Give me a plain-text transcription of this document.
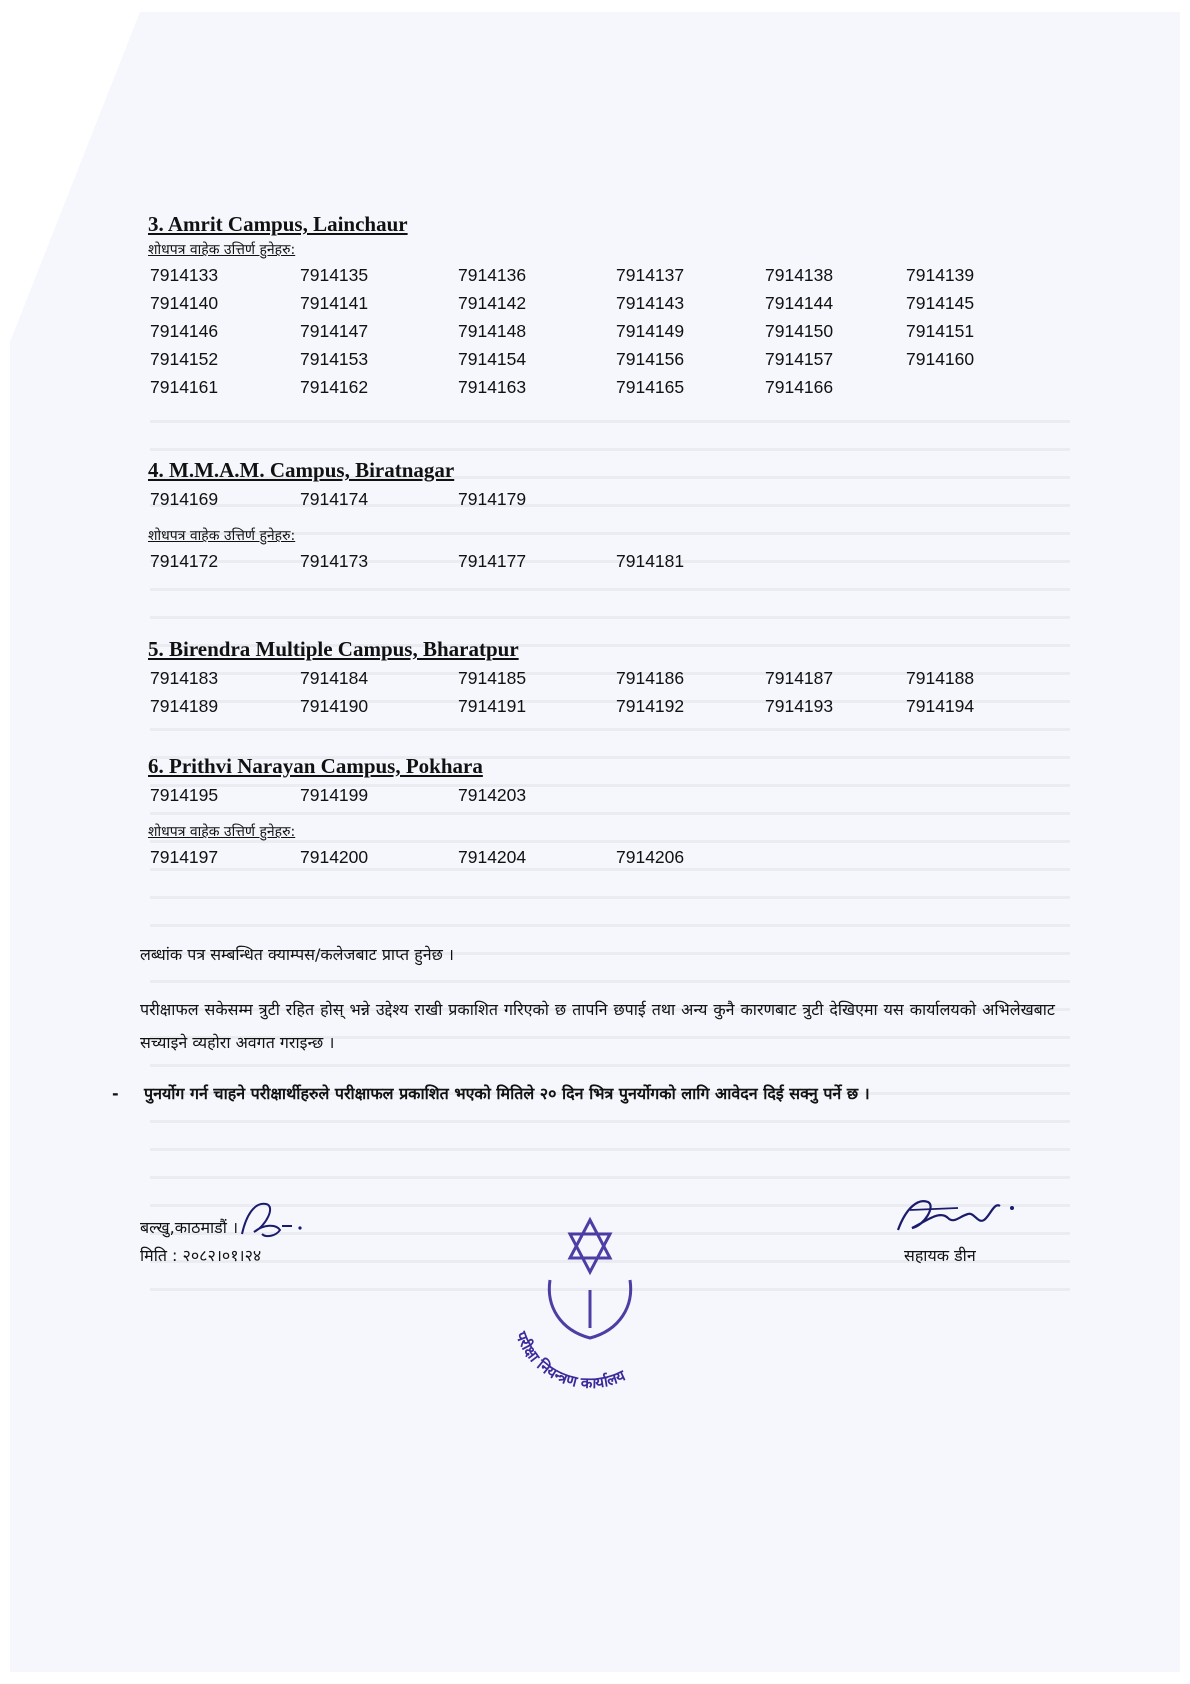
3. Amrit Campus, Lainchaur

शोधपत्र वाहेक उत्तिर्ण हुनेहरु:

7914133	7914135	7914136	7914137	7914138	7914139
7914140	7914141	7914142	7914143	7914144	7914145
7914146	7914147	7914148	7914149	7914150	7914151
7914152	7914153	7914154	7914156	7914157	7914160
7914161	7914162	7914163	7914165	7914166

4. M.M.A.M. Campus, Biratnagar

7914169	7914174	7914179

शोधपत्र वाहेक उत्तिर्ण हुनेहरु:

7914172	7914173	7914177	7914181

5. Birendra Multiple Campus, Bharatpur

7914183	7914184	7914185	7914186	7914187	7914188
7914189	7914190	7914191	7914192	7914193	7914194

6. Prithvi Narayan Campus, Pokhara

7914195	7914199	7914203

शोधपत्र वाहेक उत्तिर्ण हुनेहरु:

7914197	7914200	7914204	7914206
लब्धांक पत्र सम्बन्धित क्याम्पस/कलेजबाट प्राप्त हुनेछ ।
परीक्षाफल सकेसम्म त्रुटी रहित होस् भन्ने उद्देश्य राखी प्रकाशित गरिएको छ तापनि छपाई तथा अन्य कुनै कारणबाट त्रुटी देखिएमा यस कार्यालयको अभिलेखबाट सच्याइने व्यहोरा अवगत गराइन्छ ।
- पुनर्योग गर्न चाहने परीक्षार्थीहरुले परीक्षाफल प्रकाशित भएको मितिले २० दिन भित्र पुनर्योगको लागि आवेदन दिई सक्नु पर्ने छ ।
बल्खु,काठमाडौं ।
मिति : २०८२।०१।२४	सहायक डीन
परीक्षा नियन्त्रण कार्यालय
